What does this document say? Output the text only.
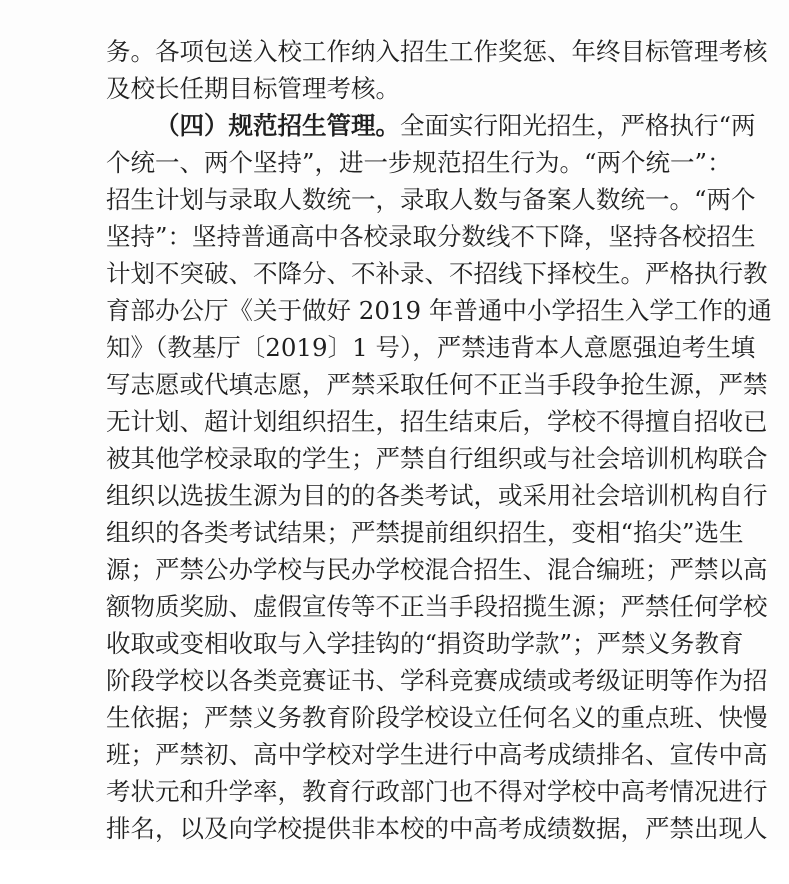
务。各项包送入校工作纳入招生工作奖惩、年终目标管理考核
及校长任期目标管理考核。
（四）规范招生管理。全面实行阳光招生，严格执行“两
个统一、两个坚持”，进一步规范招生行为。“两个统一”：
招生计划与录取人数统一，录取人数与备案人数统一。“两个
坚持”：坚持普通高中各校录取分数线不下降，坚持各校招生
计划不突破、不降分、不补录、不招线下择校生。严格执行教
育部办公厅《关于做好 2019 年普通中小学招生入学工作的通
知》（教基厅〔2019〕1 号），严禁违背本人意愿强迫考生填
写志愿或代填志愿，严禁采取任何不正当手段争抢生源，严禁
无计划、超计划组织招生，招生结束后，学校不得擅自招收已
被其他学校录取的学生；严禁自行组织或与社会培训机构联合
组织以选拔生源为目的的各类考试，或采用社会培训机构自行
组织的各类考试结果；严禁提前组织招生，变相“掐尖”选生
源；严禁公办学校与民办学校混合招生、混合编班；严禁以高
额物质奖励、虚假宣传等不正当手段招揽生源；严禁任何学校
收取或变相收取与入学挂钩的“捐资助学款”；严禁义务教育
阶段学校以各类竞赛证书、学科竞赛成绩或考级证明等作为招
生依据；严禁义务教育阶段学校设立任何名义的重点班、快慢
班；严禁初、高中学校对学生进行中高考成绩排名、宣传中高
考状元和升学率，教育行政部门也不得对学校中高考情况进行
排名，以及向学校提供非本校的中高考成绩数据，严禁出现人
